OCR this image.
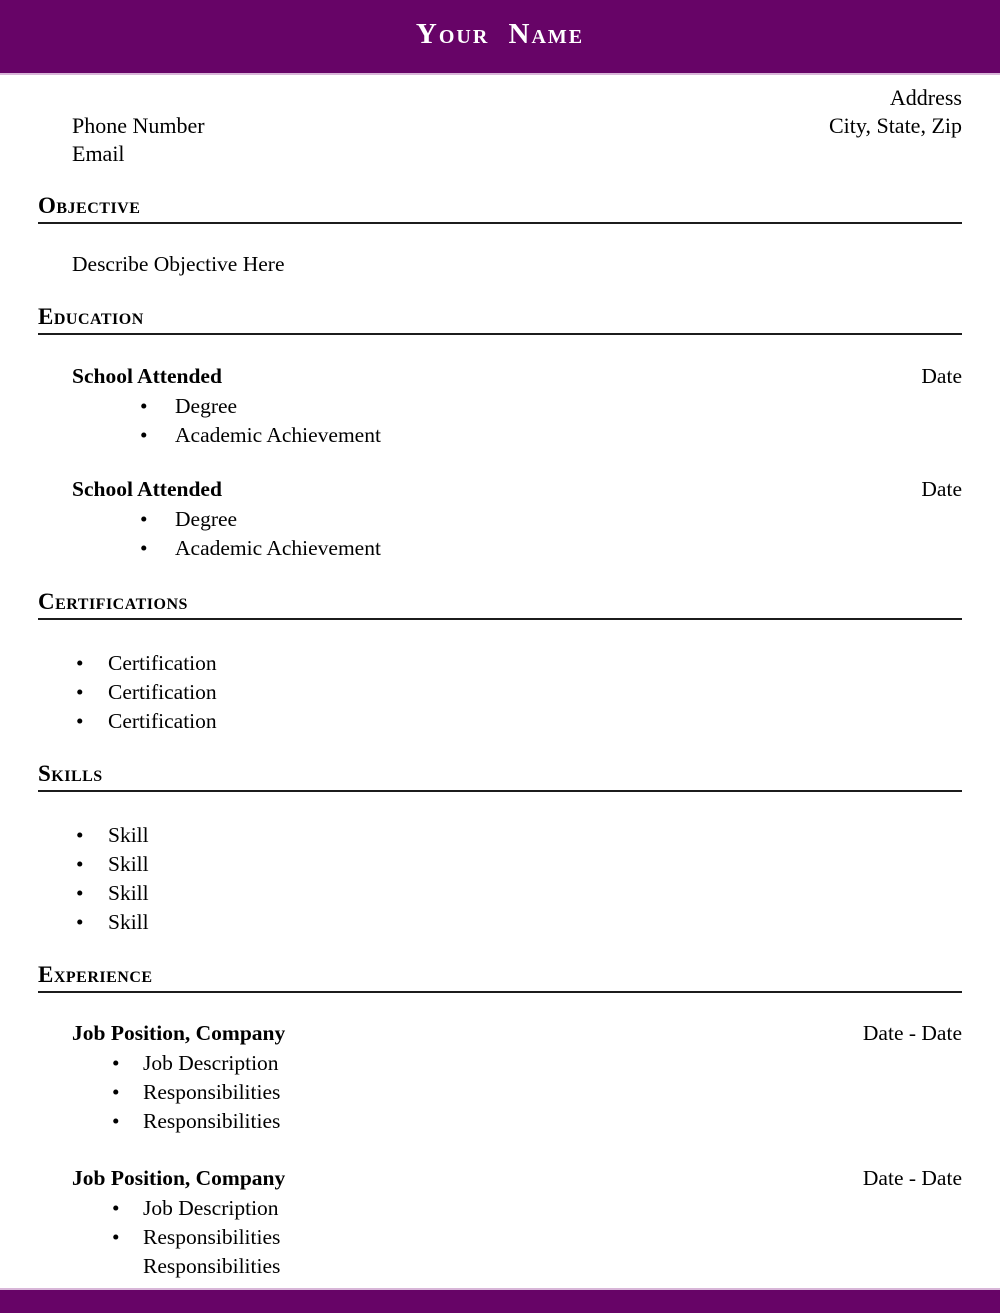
Your Name
Address
Phone Number	City, State, Zip
Email
Objective
Describe Objective Here
Education
School Attended	Date
•	Degree
•	Academic Achievement
School Attended	Date
•	Degree
•	Academic Achievement
Certifications
•	Certification
•	Certification
•	Certification
Skills
•	Skill
•	Skill
•	Skill
•	Skill
Experience
Job Position, Company	Date - Date
•	Job Description
•	Responsibilities
•	Responsibilities
Job Position, Company	Date - Date
•	Job Description
•	Responsibilities
Responsibilities
